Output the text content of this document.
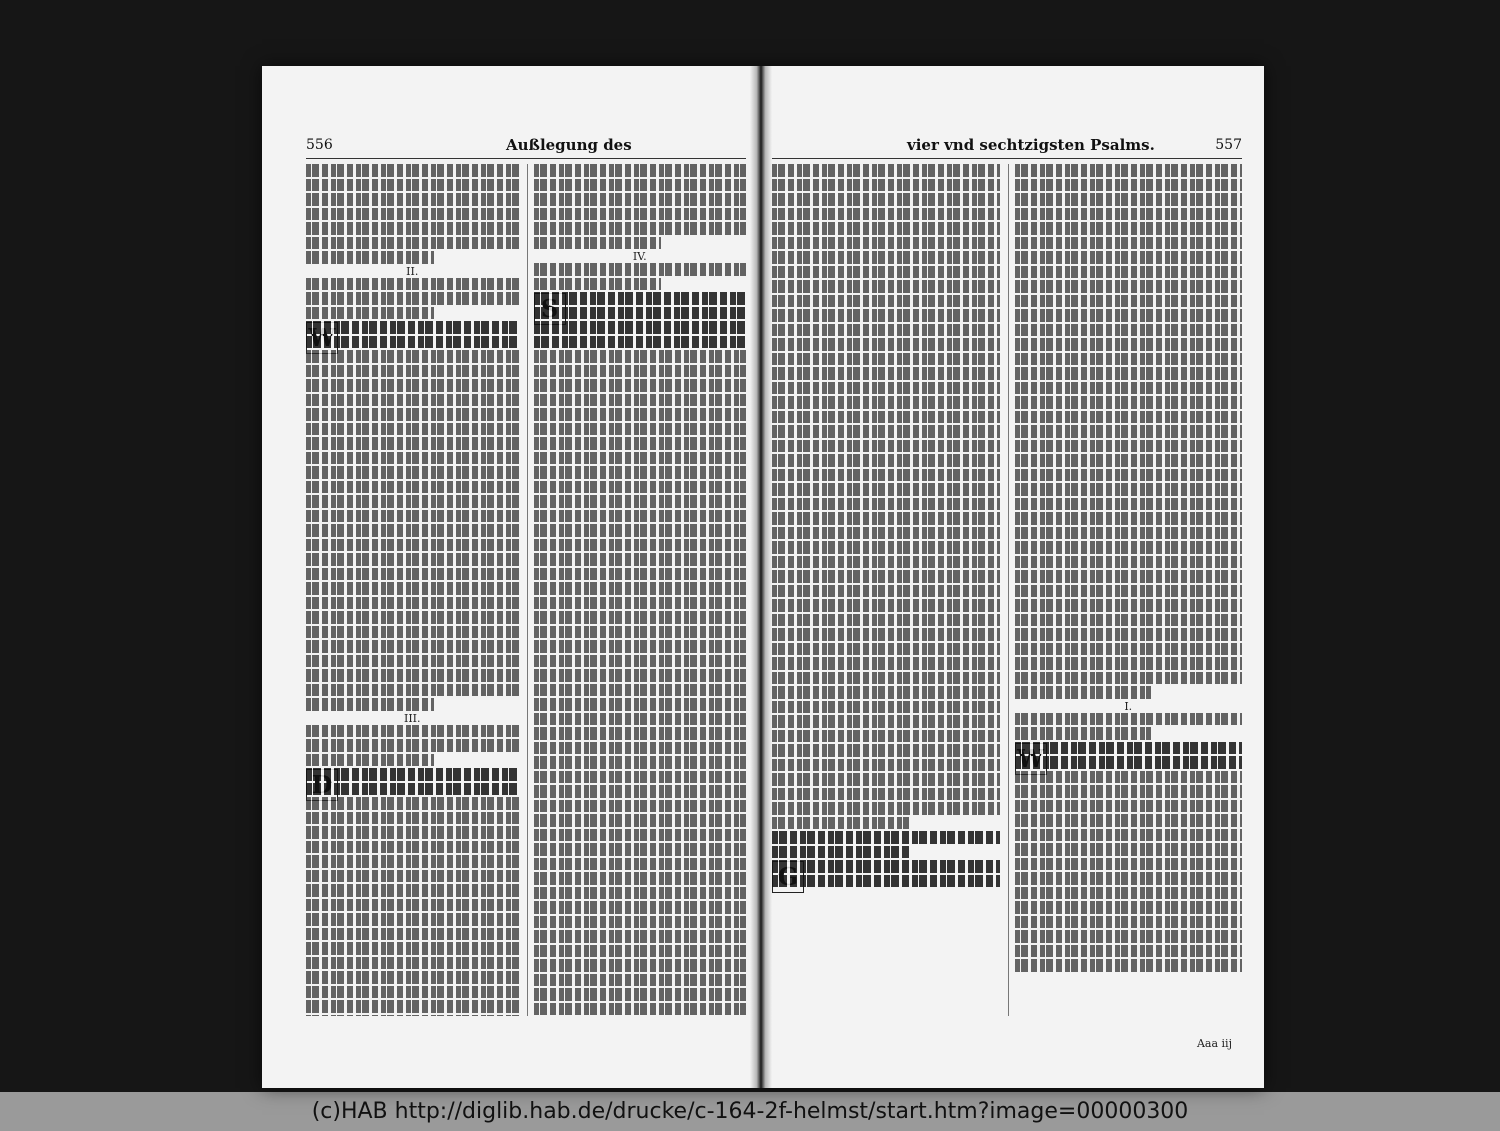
556	Außlegung des
II.
III.
IV.
vier vnd sechtzigsten Psalms.	557
I.
Aaa iij
(c)HAB http://diglib.hab.de/drucke/c-164-2f-helmst/start.htm?image=00000300
